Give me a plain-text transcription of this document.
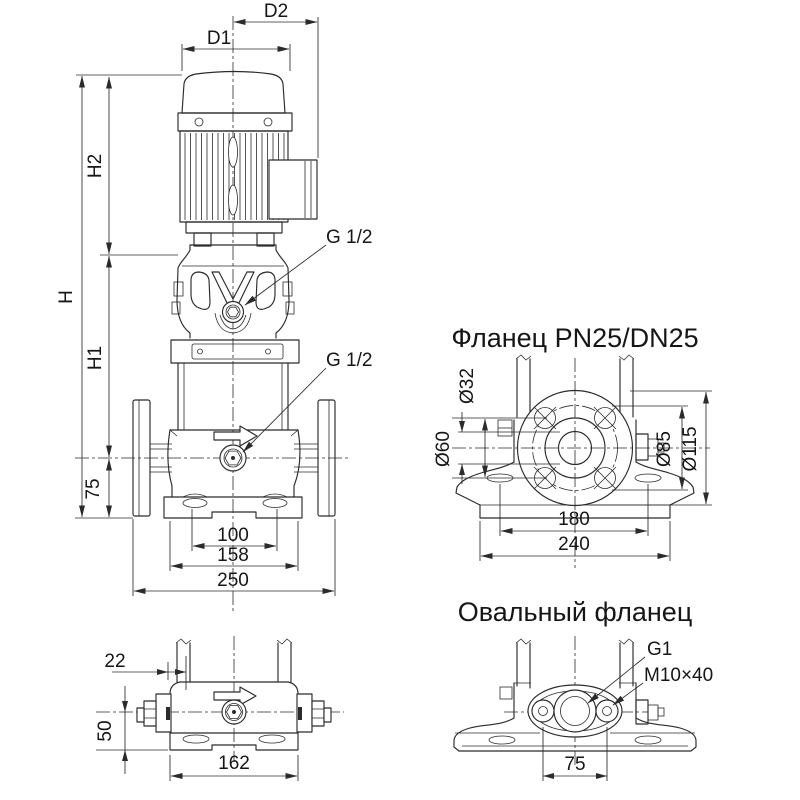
H
H2
H1
75
D1
D2
100
158
250
G 1/2
G 1/2
Фланец PN25/DN25
Ø60
Ø32
Ø85 Ø115
180
240
22
50
162
Овальный фланец
G1
M10×40
75
